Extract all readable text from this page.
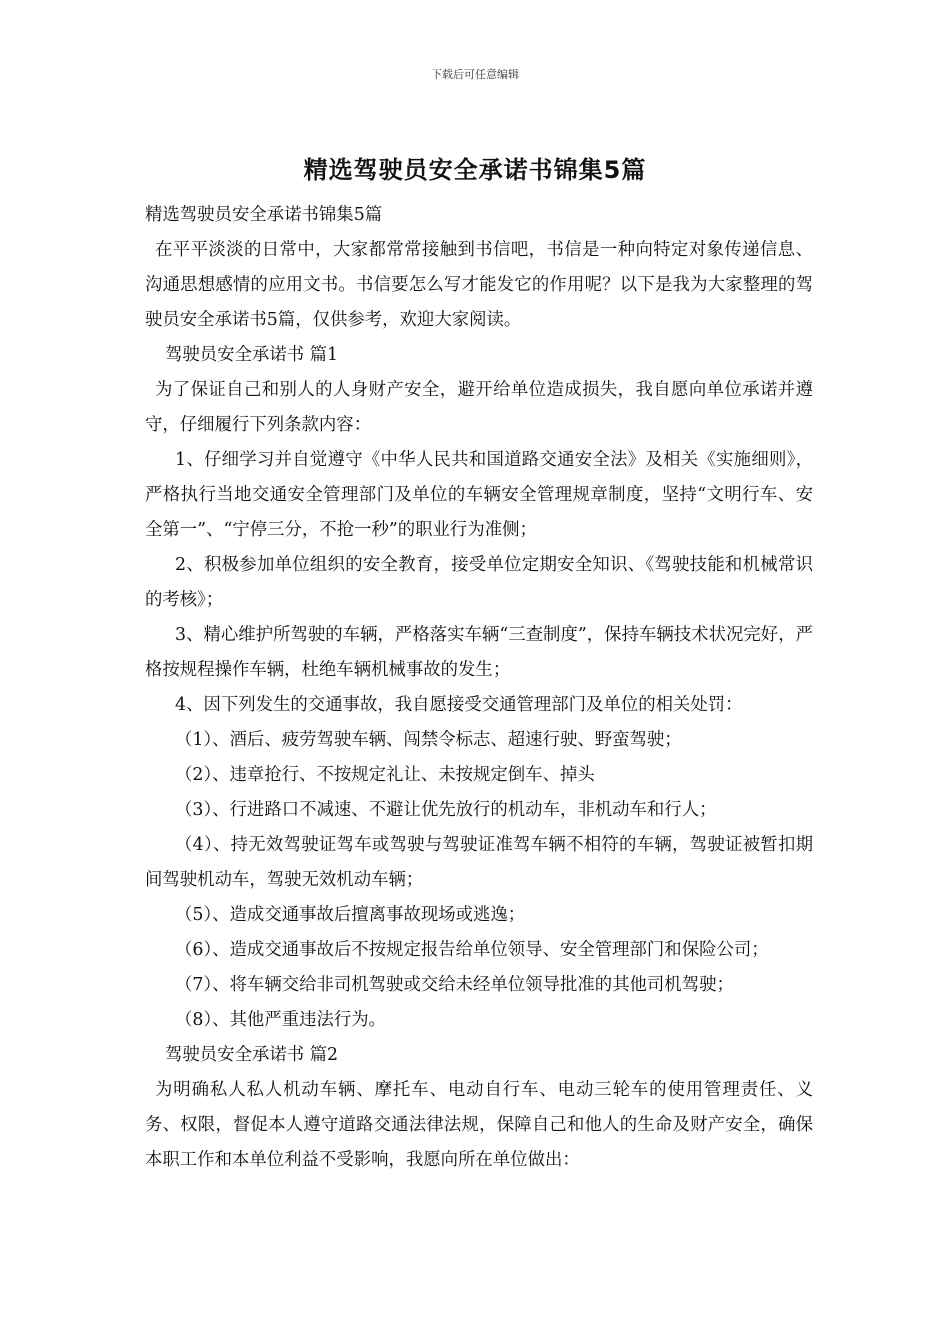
下载后可任意编辑
精选驾驶员安全承诺书锦集5篇

精选驾驶员安全承诺书锦集5篇

在平平淡淡的日常中，大家都常常接触到书信吧，书信是一种向特定对象传递信息、沟通思想感情的应用文书。书信要怎么写才能发它的作用呢？以下是我为大家整理的驾驶员安全承诺书5篇，仅供参考，欢迎大家阅读。

驾驶员安全承诺书 篇1

为了保证自己和别人的人身财产安全，避开给单位造成损失，我自愿向单位承诺并遵守，仔细履行下列条款内容：

1、仔细学习并自觉遵守《中华人民共和国道路交通安全法》及相关《实施细则》，严格执行当地交通安全管理部门及单位的车辆安全管理规章制度，坚持“文明行车、安全第一”、“宁停三分，不抢一秒”的职业行为准侧；

2、积极参加单位组织的安全教育，接受单位定期安全知识、《驾驶技能和机械常识的考核》；

3、精心维护所驾驶的车辆，严格落实车辆“三查制度”，保持车辆技术状况完好，严格按规程操作车辆，杜绝车辆机械事故的发生；

4、因下列发生的交通事故，我自愿接受交通管理部门及单位的相关处罚：

（1）、酒后、疲劳驾驶车辆、闯禁令标志、超速行驶、野蛮驾驶；

（2）、违章抢行、不按规定礼让、未按规定倒车、掉头

（3）、行进路口不减速、不避让优先放行的机动车，非机动车和行人；

（4）、持无效驾驶证驾车或驾驶与驾驶证准驾车辆不相符的车辆，驾驶证被暂扣期间驾驶机动车，驾驶无效机动车辆；

（5）、造成交通事故后擅离事故现场或逃逸；

（6）、造成交通事故后不按规定报告给单位领导、安全管理部门和保险公司；

（7）、将车辆交给非司机驾驶或交给未经单位领导批准的其他司机驾驶；

（8）、其他严重违法行为。

驾驶员安全承诺书 篇2

为明确私人私人机动车辆、摩托车、电动自行车、电动三轮车的使用管理责任、义务、权限，督促本人遵守道路交通法律法规，保障自己和他人的生命及财产安全，确保本职工作和本单位利益不受影响，我愿向所在单位做出：
